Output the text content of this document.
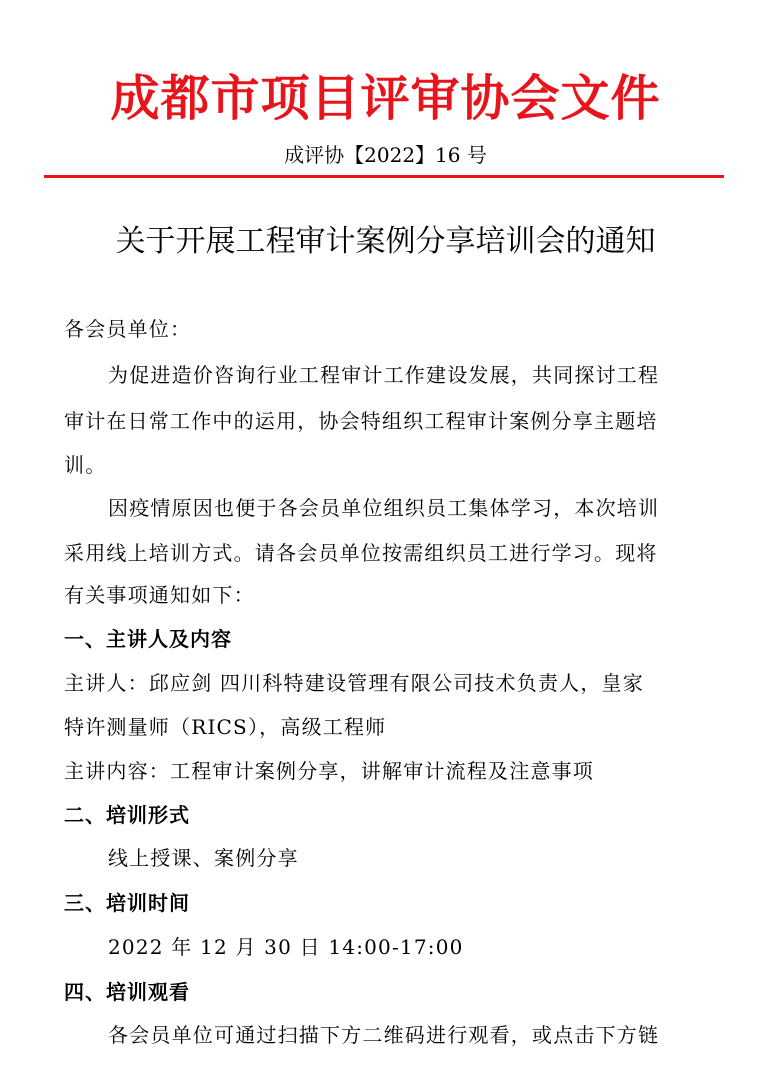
成都市项目评审协会文件
成评协【2022】16 号
关于开展工程审计案例分享培训会的通知
各会员单位：
为促进造价咨询行业工程审计工作建设发展，共同探讨工程
审计在日常工作中的运用，协会特组织工程审计案例分享主题培
训。
因疫情原因也便于各会员单位组织员工集体学习，本次培训
采用线上培训方式。请各会员单位按需组织员工进行学习。现将
有关事项通知如下：
一、主讲人及内容
主讲人：邱应剑 四川科特建设管理有限公司技术负责人，皇家
特许测量师（RICS），高级工程师
主讲内容：工程审计案例分享，讲解审计流程及注意事项
二、培训形式
线上授课、案例分享
三、培训时间
2022 年 12 月 30 日 14:00-17:00
四、培训观看
各会员单位可通过扫描下方二维码进行观看，或点击下方链
